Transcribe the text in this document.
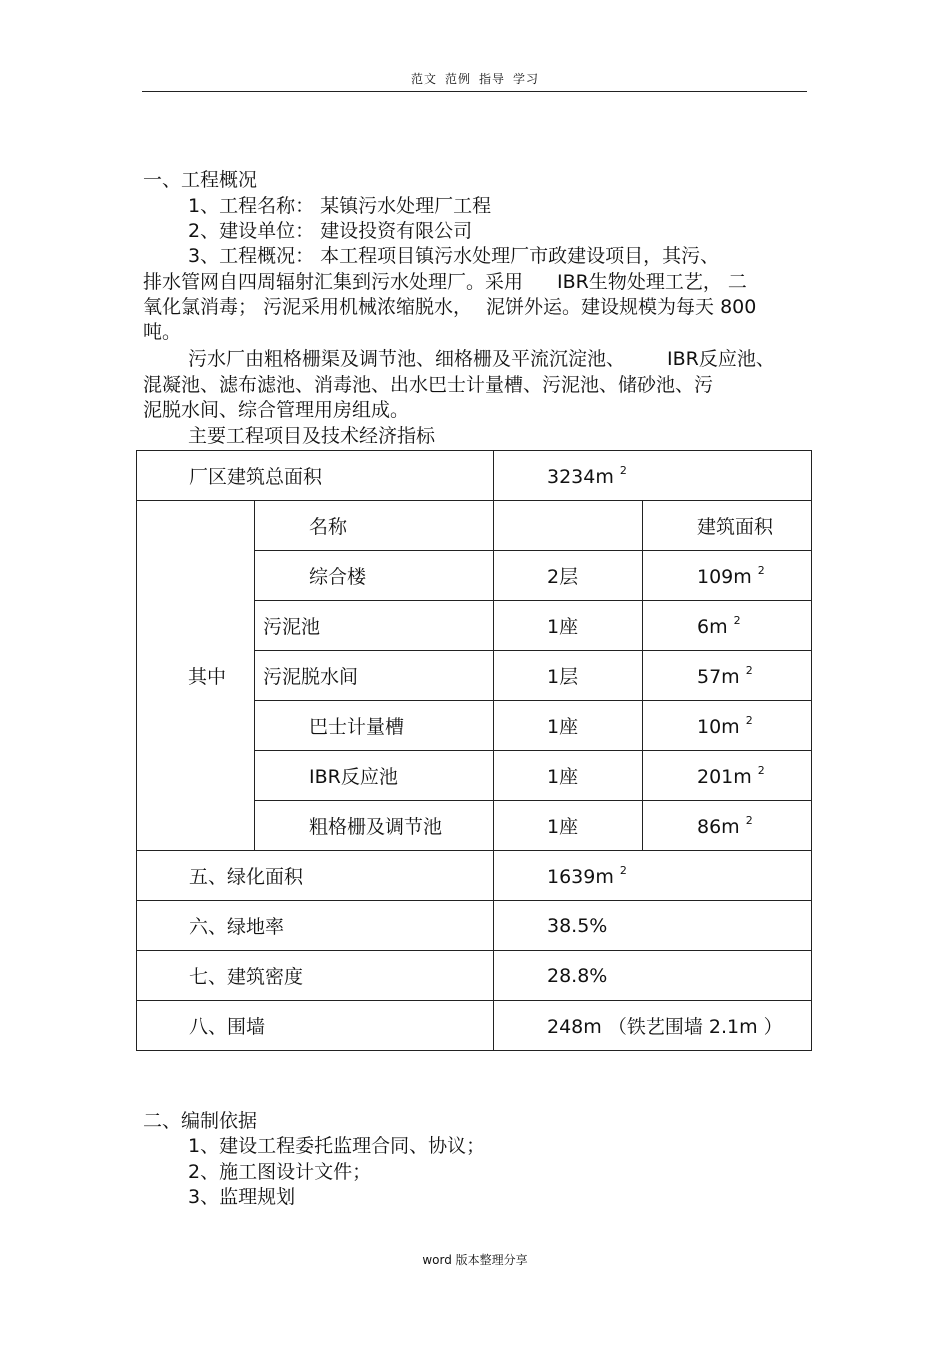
范文 范例 指导 学习
一、工程概况
1、工程名称： 某镇污水处理厂工程
2、建设单位： 建设投资有限公司
3、工程概况： 本工程项目镇污水处理厂市政建设项目，其污、
排水管网自四周辐射汇集到污水处理厂。采用 IBR生物处理工艺， 二
氧化氯消毒； 污泥采用机械浓缩脱水， 泥饼外运。建设规模为每天 800
吨。
污水厂由粗格栅渠及调节池、细格栅及平流沉淀池、 IBR反应池、
混凝池、滤布滤池、消毒池、出水巴士计量槽、污泥池、储砂池、污
泥脱水间、综合管理用房组成。
主要工程项目及技术经济指标
厂区建筑总面积		3234m $^2$
其中	名称		建筑面积
	综合楼	2层	109m $^2$
	污泥池	1座	6m $^2$
	污泥脱水间	1层	57m $^2$
	巴士计量槽	1座	10m $^2$
	IBR反应池	1座	201m $^2$
	粗格栅及调节池	1座	86m $^2$
五、绿化面积		1639m $^2$
六、绿地率		38.5%	
七、建筑密度		28.8%	
八、围墙		248m （铁艺围墙 2.1m ）	
二、编制依据
1、建设工程委托监理合同、协议；
2、施工图设计文件；
3、监理规划
word 版本整理分享
